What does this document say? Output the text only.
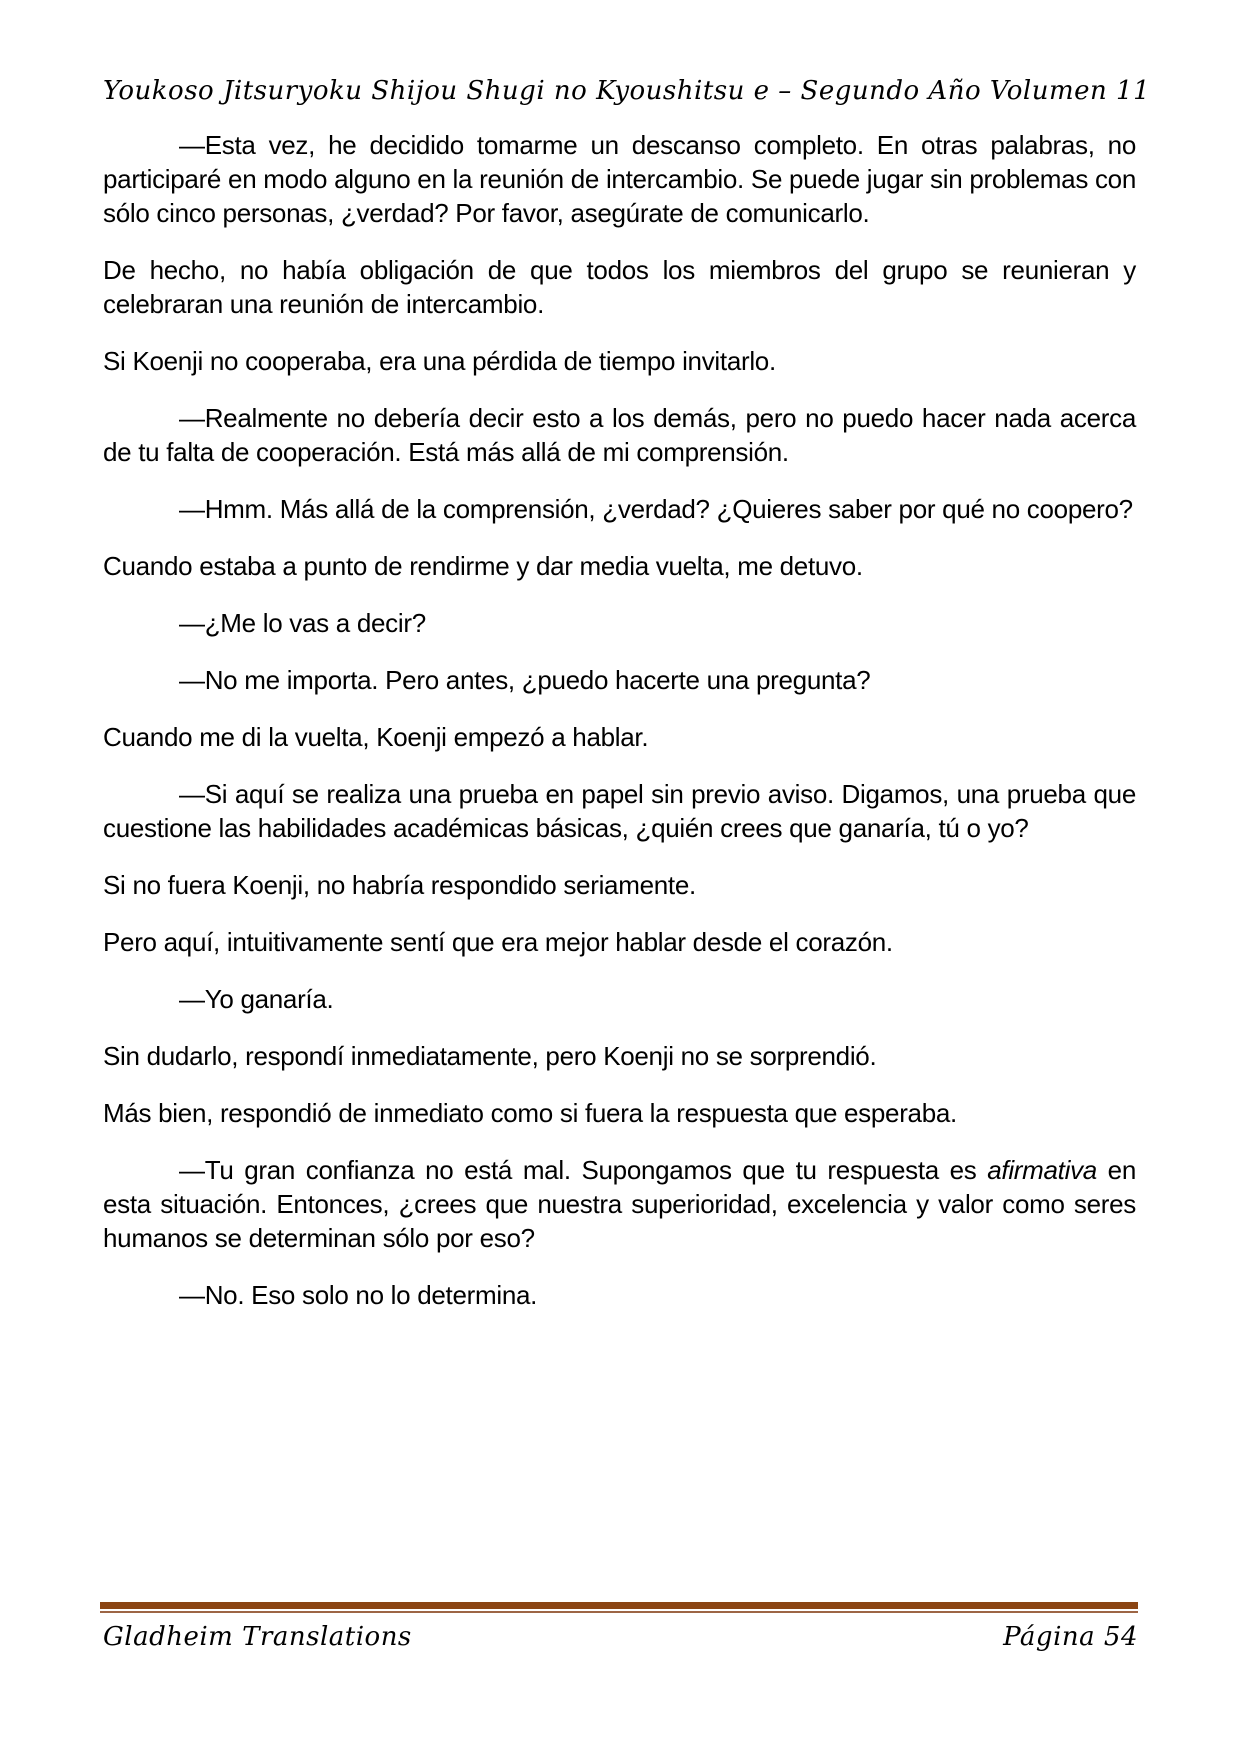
Youkoso Jitsuryoku Shijou Shugi no Kyoushitsu e – Segundo Año Volumen 11

—Esta vez, he decidido tomarme un descanso completo. En otras palabras, no participaré en modo alguno en la reunión de intercambio. Se puede jugar sin problemas con sólo cinco personas, ¿verdad? Por favor, asegúrate de comunicarlo.

De hecho, no había obligación de que todos los miembros del grupo se reunieran y celebraran una reunión de intercambio.

Si Koenji no cooperaba, era una pérdida de tiempo invitarlo.

—Realmente no debería decir esto a los demás, pero no puedo hacer nada acerca de tu falta de cooperación. Está más allá de mi comprensión.

—Hmm. Más allá de la comprensión, ¿verdad? ¿Quieres saber por qué no coopero?

Cuando estaba a punto de rendirme y dar media vuelta, me detuvo.

—¿Me lo vas a decir?

—No me importa. Pero antes, ¿puedo hacerte una pregunta?

Cuando me di la vuelta, Koenji empezó a hablar.

—Si aquí se realiza una prueba en papel sin previo aviso. Digamos, una prueba que cuestione las habilidades académicas básicas, ¿quién crees que ganaría, tú o yo?

Si no fuera Koenji, no habría respondido seriamente.

Pero aquí, intuitivamente sentí que era mejor hablar desde el corazón.

—Yo ganaría.

Sin dudarlo, respondí inmediatamente, pero Koenji no se sorprendió.

Más bien, respondió de inmediato como si fuera la respuesta que esperaba.

—Tu gran confianza no está mal. Supongamos que tu respuesta es afirmativa en esta situación. Entonces, ¿crees que nuestra superioridad, excelencia y valor como seres humanos se determinan sólo por eso?

—No. Eso solo no lo determina.

Gladheim Translations	Página 54
